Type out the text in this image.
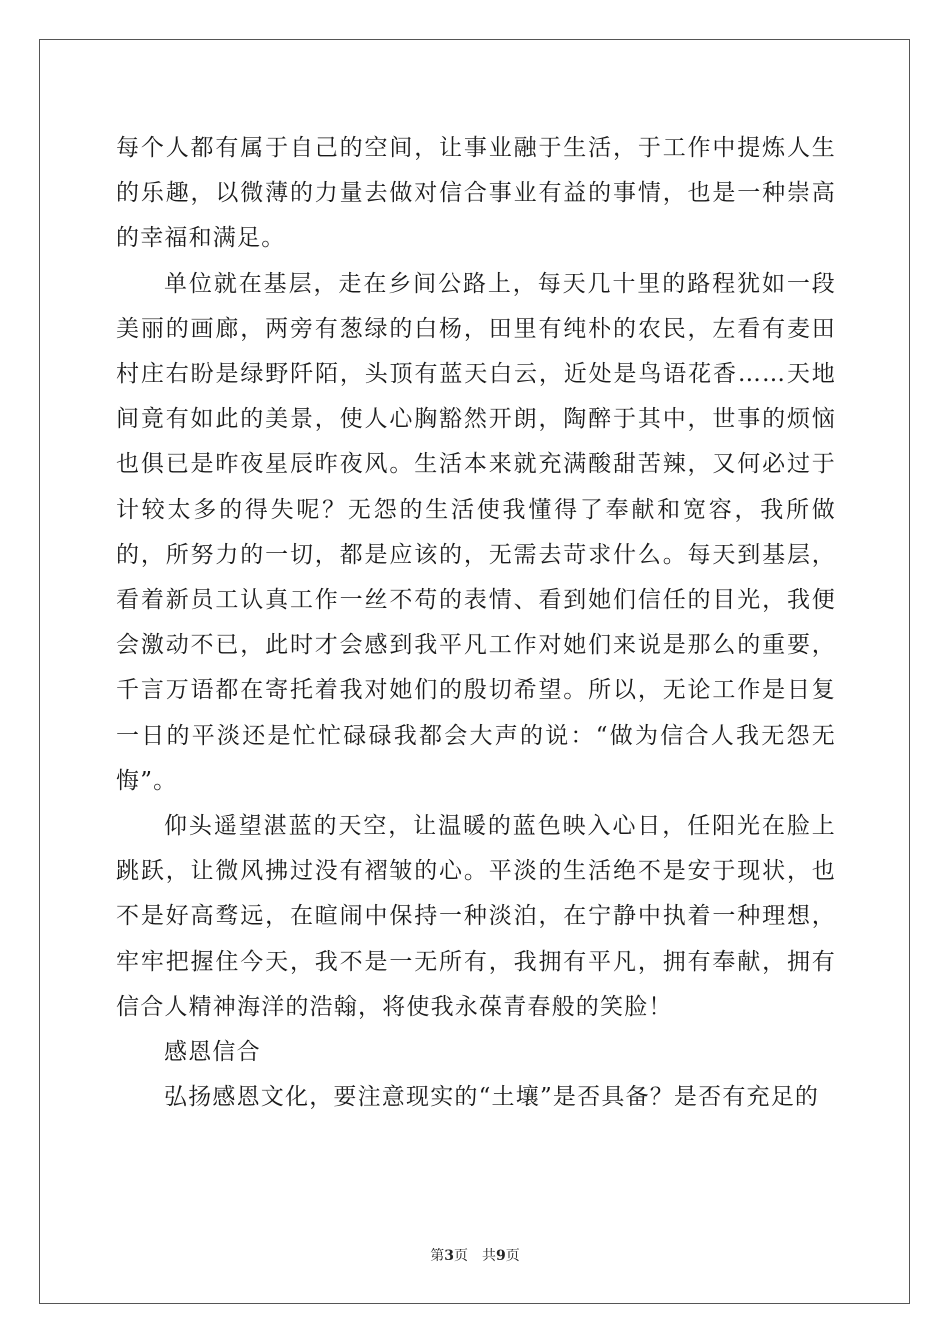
每个人都有属于自己的空间，让事业融于生活，于工作中提炼人生的乐趣，以微薄的力量去做对信合事业有益的事情，也是一种崇高的幸福和满足。

单位就在基层，走在乡间公路上，每天几十里的路程犹如一段美丽的画廊，两旁有葱绿的白杨，田里有纯朴的农民，左看有麦田村庄右盼是绿野阡陌，头顶有蓝天白云，近处是鸟语花香……天地间竟有如此的美景，使人心胸豁然开朗，陶醉于其中，世事的烦恼也俱已是昨夜星辰昨夜风。生活本来就充满酸甜苦辣，又何必过于计较太多的得失呢？无怨的生活使我懂得了奉献和宽容，我所做的，所努力的一切，都是应该的，无需去苛求什么。每天到基层，看着新员工认真工作一丝不苟的表情、看到她们信任的目光，我便会激动不已，此时才会感到我平凡工作对她们来说是那么的重要，千言万语都在寄托着我对她们的殷切希望。所以，无论工作是日复一日的平淡还是忙忙碌碌我都会大声的说：“做为信合人我无怨无悔”。

仰头遥望湛蓝的天空，让温暖的蓝色映入心日，任阳光在脸上跳跃，让微风拂过没有褶皱的心。平淡的生活绝不是安于现状，也不是好高骛远，在暄闹中保持一种淡泊，在宁静中执着一种理想，牢牢把握住今天，我不是一无所有，我拥有平凡，拥有奉献，拥有信合人精神海洋的浩翰，将使我永葆青春般的笑脸！

感恩信合

弘扬感恩文化，要注意现实的“土壤”是否具备？是否有充足的

第3页 共9页
